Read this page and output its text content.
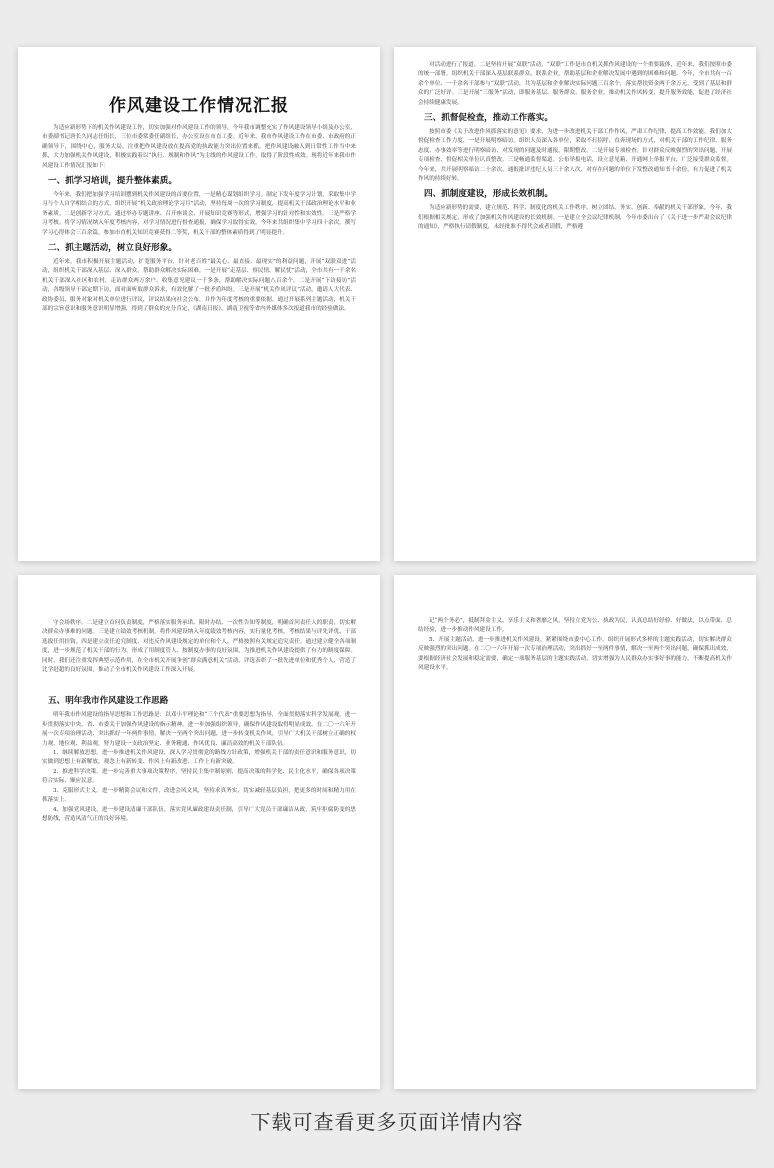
作风建设工作情况汇报

为适应新形势下的机关作风建设工作，切实加强对作风建设工作的领导，今年我市调整充实了作风建设领导小组及办公室，市委副书记唐长久同志任组长，三位市委常委任副组长，办公室设在市直工委。近年来，我市作风建设工作在市委、市政府的正确领导下，围绕中心，服务大局，注重把作风建设放在提高党的执政能力突出位置来抓，把作风建设融入到日常性工作当中来抓，大力加强机关作风建设，积极实践着以“执行、规制和作风”为主线的作风建设工作，取得了阶段性成效。现将近年来我市作风建设工作情况汇报如下：

一、抓学习培训，提升整体素质。

今年来，我们把加强学习培训摆到机关作风建设的首要位置，一是精心谋划组织学习。制定下发年度学习计划，采取集中学习与个人自学相结合的方式，组织开展“机关政治理论学习月”活动，坚持每周一次的学习制度，提高机关干部政治理论水平和业务素质。二是创新学习方式。通过举办专题讲座、召开座谈会、开展知识竞赛等形式，增强学习的针对性和实效性。三是严格学习考核。将学习情况纳入年度考核内容，对学习情况进行督查通报，确保学习取得实效。今年来共组织集中学习四十余次，撰写学习心得体会三百余篇，参加市直机关知识竞赛获得二等奖，机关干部的整体素质得到了明显提升。

二、抓主题活动，树立良好形象。

近年来，我市积极开展主题活动，扩宽服务平台，针对老百姓“最关心、最直接、最现实”的利益问题，开展“双联双进”活动，组织机关干部深入基层、深入群众，帮助群众解决实际困难。一是开展“走基层、察民情、解民忧”活动，全市共有一千余名机关干部深入社区和农村，走访群众两万余户，收集意见建议一千多条，帮助解决实际问题八百余个。二是开展“下访接访”活动，各级领导干部定期下访，面对面听取群众诉求，有效化解了一批矛盾纠纷。三是开展“机关作风评议”活动，邀请人大代表、政协委员、服务对象对机关单位进行评议，评议结果向社会公布，并作为年度考核的重要依据。通过开展系列主题活动，机关干部的宗旨意识和服务意识明显增强，得到了群众的充分肯定，《湖南日报》、湖南卫视等省内外媒体多次报道我市的经验做法。

对活动进行了报道。二是坚持开展“双联”活动，“双联”工作是市直机关抓作风建设的一个重要载体，近年来，我们按照市委的统一部署，组织机关干部深入基层联系群众、联系企业，帮助基层和企业解决发展中遇到的困难和问题。今年，全市共有一百余个单位、一千余名干部参与“双联”活动，共为基层和企业解决实际问题三百余个，落实帮扶资金两千余万元，受到了基层和群众的广泛好评。三是开展“三服务”活动，即服务基层、服务群众、服务企业，推动机关作风转变，提升服务效能，促进了经济社会持续健康发展。

三、抓督促检查，推动工作落实。

按照市委《关于改进作风抓落实的意见》要求，为进一步改进机关干部工作作风，严肃工作纪律，提高工作效能，我们加大督促检查工作力度，一是开展明察暗访。组织人员深入各单位，采取不打招呼、直奔现场的方式，对机关干部的工作纪律、服务态度、办事效率等进行明察暗访，对发现的问题及时通报，限期整改。二是开展专项检查。针对群众反映强烈的突出问题，开展专项检查，督促相关单位认真整改。三是畅通监督渠道。公布举报电话，设立意见箱，开通网上举报平台，广泛接受群众监督。今年来，共开展明察暗访二十余次，通报批评违纪人员三十余人次，对存在问题的单位下发整改通知书十余份，有力促进了机关作风的持续好转。

四、抓制度建设，形成长效机制。

为适应新形势的需要，建立规范、科学、制度化的机关工作秩序，树立团结、务实、创新、奉献的机关干部形象，今年，我们根据相关规定，形成了加强机关作风建设的长效机制。一是建立全会议纪律机制，今年市委出台了《关于进一步严肃会议纪律的通知》，严格执行请假制度，未经批准不得代会或者请假，严格遵

守会场秩序。二是建立首问负责制度，严格落实服务承诺、限时办结、一次性告知等制度，明确首问责任人的职责，切实解决群众办事难的问题。三是建立绩效考核机制，将作风建设纳入年度绩效考核内容，实行量化考核，考核结果与评先评优、干部选拔任用挂钩。四是建立责任追究制度，对违反作风建设规定的单位和个人，严格按照有关规定追究责任。通过建立健全各项制度，进一步规范了机关干部的行为，形成了用制度管人、按制度办事的良好氛围，为推进机关作风建设提供了有力的制度保障。同时，我们还注重发挥典型示范作用，在全市机关开展争创“群众满意机关”活动，评选表彰了一批先进单位和优秀个人，营造了比学赶超的良好氛围，推动了全市机关作风建设工作深入开展。

五、明年我市作风建设工作思路

明年我市作风建设的指导思想和工作思路是：以邓小平理论和“三个代表”重要思想为指导，全面贯彻落实科学发展观，进一步贯彻落实中央、省、市委关于加强作风建设的指示精神，进一步加强组织领导，确保作风建设取得明显成效。在二〇一六年开展一次专项治理活动，突出抓好一年两件事情，解决一至两个突出问题，进一步转变机关作风，引导广大机关干部树立正确的权力观、地位观、利益观，努力建设一支政治坚定、业务精通、作风优良、廉洁高效的机关干部队伍。

1、继续解放思想。进一步推进机关作风建设，深入学习贯彻党的路线方针政策，增强机关干部的责任意识和服务意识，切实做到思想上有新解放、观念上有新转变、作风上有新改进、工作上有新突破。

2、推进科学决策。进一步完善重大事项决策程序，坚持民主集中制原则，提高决策的科学化、民主化水平，确保各项决策符合实际、顺应民意。

3、克服形式主义。进一步精简会议和文件，改进会风文风，坚持求真务实，切实减轻基层负担，把更多的时间和精力用在抓落实上。

4、加强党风建设，进一步建设清廉干部队伍，落实党风廉政建设责任制，引导广大党员干部廉洁从政，筑牢拒腐防变的思想防线，营造风清气正的良好环境。

记“两个务必”，抵制拜金主义、享乐主义和奢靡之风，坚持立党为公、执政为民，认真总结好经验、好做法，以点带面，总结经验，进一步推动作风建设工作。

5、开展主题活动，进一步推进机关作风建设。紧紧围绕市委中心工作，组织开展形式多样的主题实践活动，切实解决群众反映强烈的突出问题。在二〇一六年开展一次专项治理活动，突出抓好一至两件事情，解决一至两个突出问题，确保抓出成效，要根据经济社会发展和稳定需要，确定一项服务基层的主题实践活动，切实增强为人民群众办实事好事的能力，不断提高机关作风建设水平。

下载可查看更多页面详情内容
